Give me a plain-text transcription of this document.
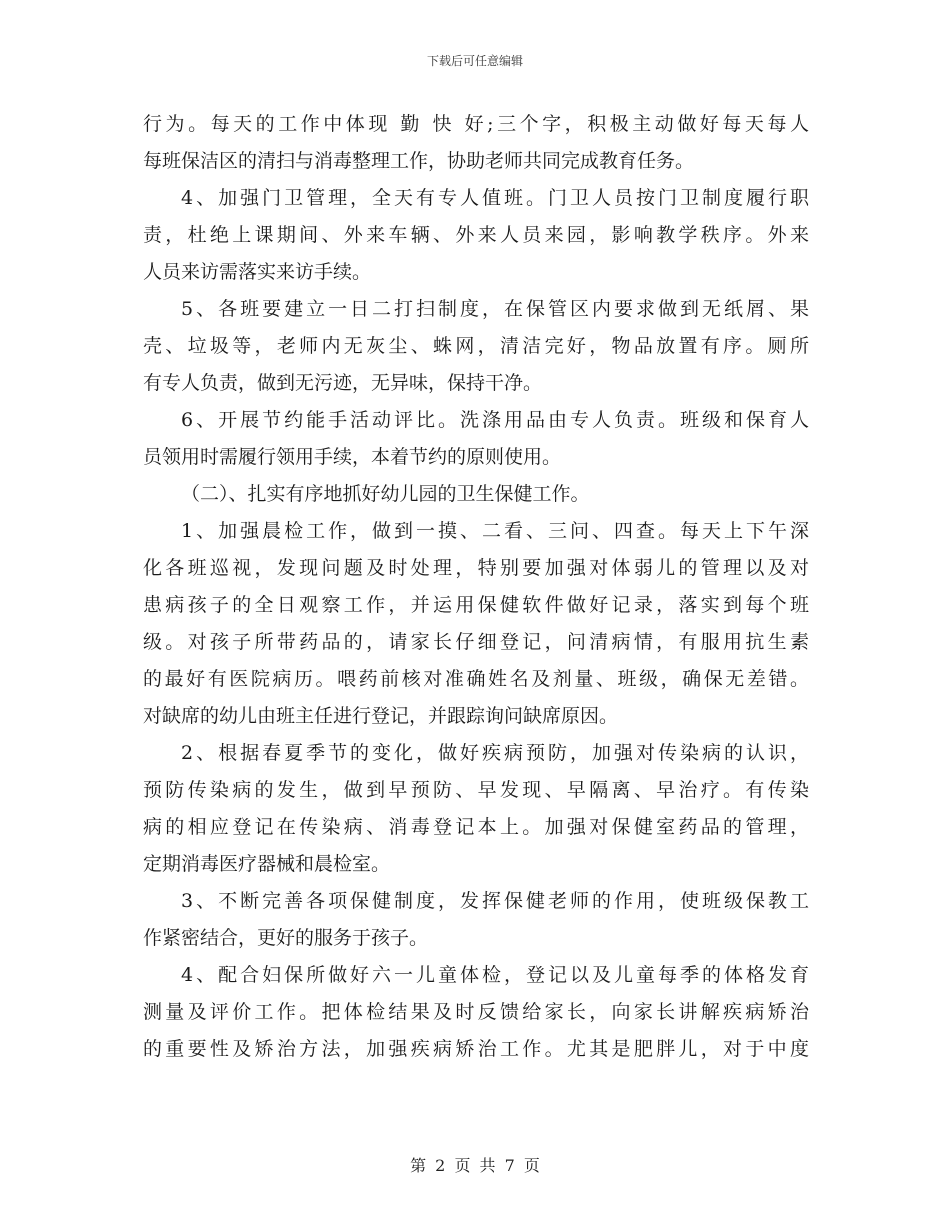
下载后可任意编辑
行为。每天的工作中体现 勤 快 好;三个字，积极主动做好每天每人
每班保洁区的清扫与消毒整理工作，协助老师共同完成教育任务。
4、加强门卫管理，全天有专人值班。门卫人员按门卫制度履行职
责，杜绝上课期间、外来车辆、外来人员来园，影响教学秩序。外来
人员来访需落实来访手续。
5、各班要建立一日二打扫制度，在保管区内要求做到无纸屑、果
壳、垃圾等，老师内无灰尘、蛛网，清洁完好，物品放置有序。厕所
有专人负责，做到无污迹，无异味，保持干净。
6、开展节约能手活动评比。洗涤用品由专人负责。班级和保育人
员领用时需履行领用手续，本着节约的原则使用。
（二）、扎实有序地抓好幼儿园的卫生保健工作。
1、加强晨检工作，做到一摸、二看、三问、四查。每天上下午深
化各班巡视，发现问题及时处理，特别要加强对体弱儿的管理以及对
患病孩子的全日观察工作，并运用保健软件做好记录，落实到每个班
级。对孩子所带药品的，请家长仔细登记，问清病情，有服用抗生素
的最好有医院病历。喂药前核对准确姓名及剂量、班级，确保无差错。
对缺席的幼儿由班主任进行登记，并跟踪询问缺席原因。
2、根据春夏季节的变化，做好疾病预防，加强对传染病的认识，
预防传染病的发生，做到早预防、早发现、早隔离、早治疗。有传染
病的相应登记在传染病、消毒登记本上。加强对保健室药品的管理，
定期消毒医疗器械和晨检室。
3、不断完善各项保健制度，发挥保健老师的作用，使班级保教工
作紧密结合，更好的服务于孩子。
4、配合妇保所做好六一儿童体检，登记以及儿童每季的体格发育
测量及评价工作。把体检结果及时反馈给家长，向家长讲解疾病矫治
的重要性及矫治方法，加强疾病矫治工作。尤其是肥胖儿，对于中度
第 2 页 共 7 页
